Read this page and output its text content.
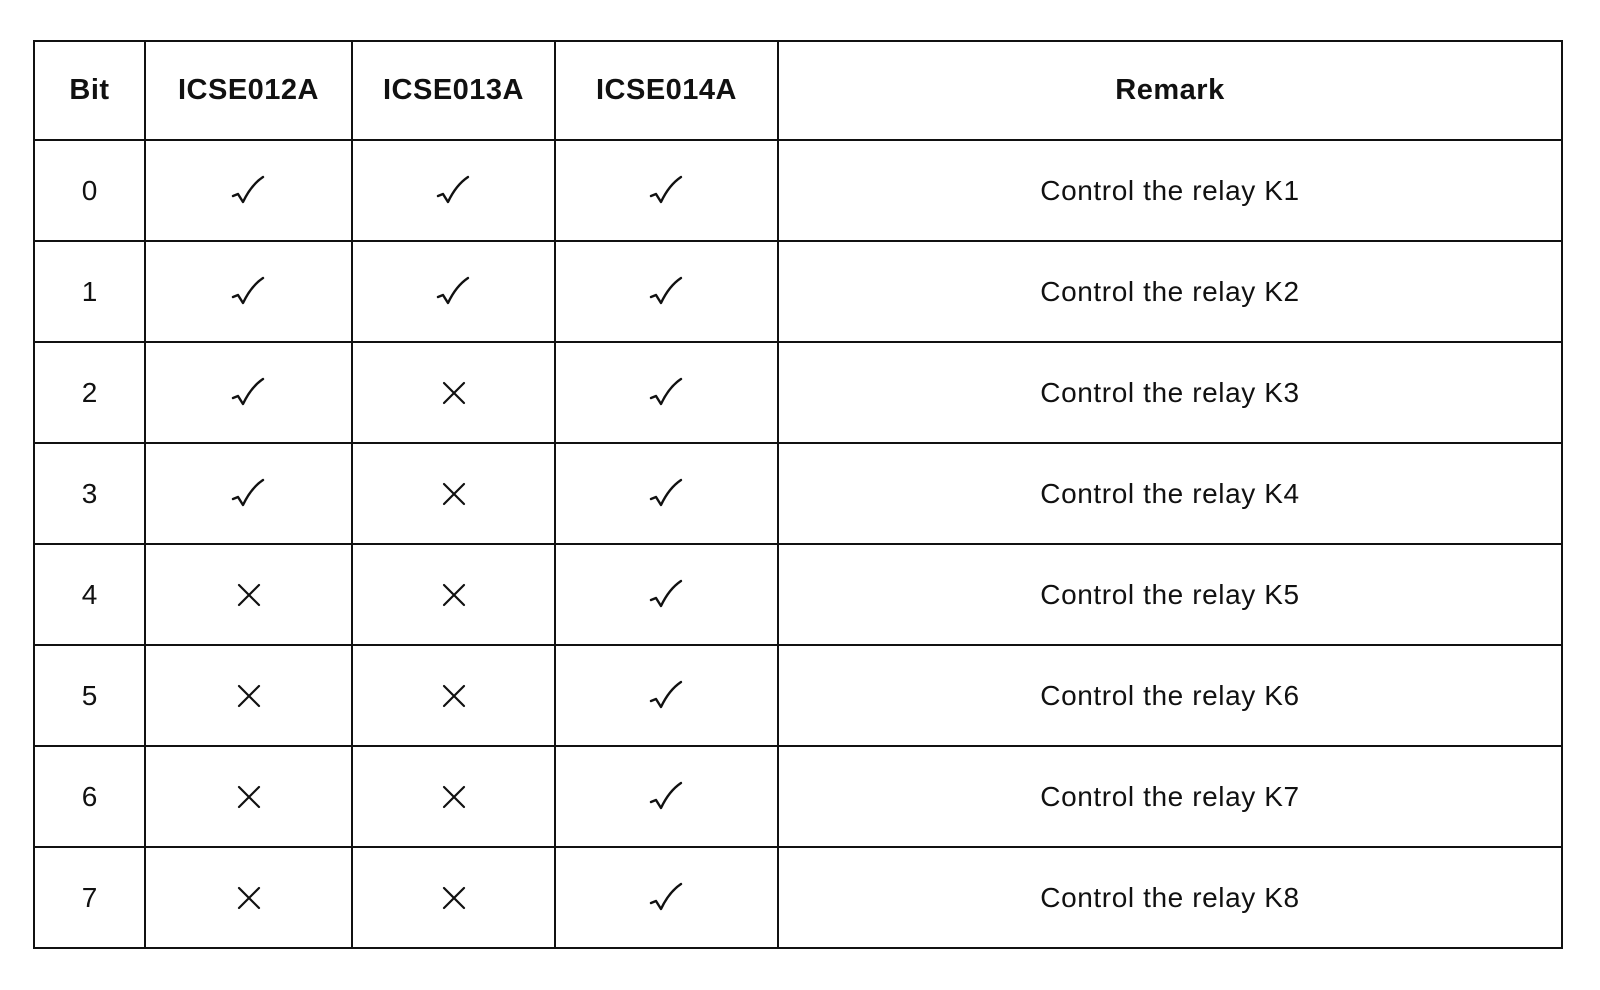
Bit	ICSE012A	ICSE013A	ICSE014A	Remark
0				Control the relay K1
1				Control the relay K2
2				Control the relay K3
3				Control the relay K4
4				Control the relay K5
5				Control the relay K6
6				Control the relay K7
7				Control the relay K8
